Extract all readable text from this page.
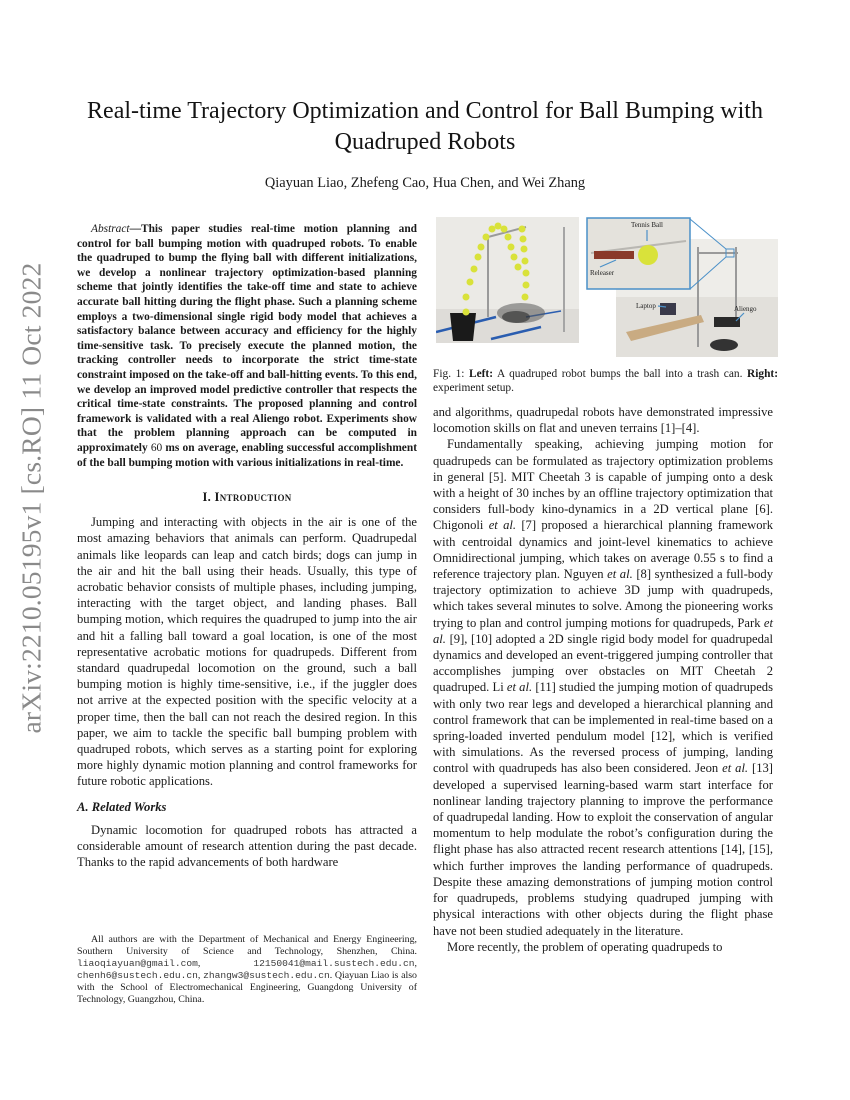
arXiv:2210.05195v1 [cs.RO] 11 Oct 2022
Real-time Trajectory Optimization and Control for Ball Bumping with
Quadruped Robots
Qiayuan Liao, Zhefeng Cao, Hua Chen, and Wei Zhang

Abstract—This paper studies real-time motion planning and control for ball bumping motion with quadruped robots. To enable the quadruped to bump the flying ball with different initializations, we develop a nonlinear trajectory optimization-based planning scheme that jointly identifies the take-off time and state to achieve accurate ball hitting during the flight phase. Such a planning scheme employs a two-dimensional single rigid body model that achieves a satisfactory balance between accuracy and efficiency for the highly time-sensitive task. To precisely execute the planned motion, the tracking controller needs to incorporate the strict time-state constraint imposed on the take-off and ball-hitting events. To this end, we develop an improved model predictive controller that respects the critical time-state constraints. The proposed planning and control framework is validated with a real Aliengo robot. Experiments show that the problem planning approach can be computed in approximately 60 ms on average, enabling successful accomplishment of the ball bumping motion with various initializations in real-time.

I. Introduction

Jumping and interacting with objects in the air is one of the most amazing behaviors that animals can perform. Quadrupedal animals like leopards can leap and catch birds; dogs can jump in the air and hit the ball using their heads. Usually, this type of acrobatic behavior consists of multiple phases, including jumping, interacting with the target object, and landing phases. Ball bumping motion, which requires the quadruped to jump into the air and hit a falling ball toward a goal location, is one of the most representative acrobatic motions for quadrupeds. Different from standard quadrupedal locomotion on the ground, such a ball bumping motion is highly time-sensitive, i.e., if the juggler does not arrive at the expected position with the specific velocity at a proper time, then the ball can not reach the desired region. In this paper, we aim to tackle the specific ball bumping problem with quadruped robots, which serves as a starting point for exploring more highly dynamic motion planning and control frameworks for future robotic applications.

A. Related Works

Dynamic locomotion for quadruped robots has attracted a considerable amount of research attention during the past decade. Thanks to the rapid advancements of both hardware

All authors are with the Department of Mechanical and Energy Engineering, Southern University of Science and Technology, Shenzhen, China. liaoqiayuan@gmail.com, 12150041@mail.sustech.edu.cn, chenh6@sustech.edu.cn, zhangw3@sustech.edu.cn. Qiayuan Liao is also with the School of Electromechanical Engineering, Guangdong University of Technology, Guangzhou, China.

Tennis Ball
Releaser
Laptop	Aliengo

Fig. 1: Left: A quadruped robot bumps the ball into a trash can. Right: experiment setup.

and algorithms, quadrupedal robots have demonstrated impressive locomotion skills on flat and uneven terrains [1]–[4].

Fundamentally speaking, achieving jumping motion for quadrupeds can be formulated as trajectory optimization problems in general [5]. MIT Cheetah 3 is capable of jumping onto a desk with a height of 30 inches by an offline trajectory optimization that considers full-body kino-dynamics in a 2D vertical plane [6]. Chigonoli et al. [7] proposed a hierarchical planning framework with centroidal dynamics and joint-level kinematics to achieve Omnidirectional jumping, which takes on average 0.55 s to find a reference trajectory plan. Nguyen et al. [8] synthesized a full-body trajectory optimization to achieve 3D jump with quadrupeds, which takes several minutes to solve. Among the pioneering works trying to plan and control jumping motions for quadrupeds, Park et al. [9], [10] adopted a 2D single rigid body model for quadrupedal dynamics and developed an event-triggered jumping controller that accomplishes jumping over obstacles on MIT Cheetah 2 quadruped. Li et al. [11] studied the jumping motion of quadrupeds with only two rear legs and developed a hierarchical planning and control framework that can be implemented in real-time based on a spring-loaded inverted pendulum model [12], which is verified with simulations. As the reversed process of jumping, landing control with quadrupeds has also been considered. Jeon et al. [13] developed a supervised learning-based warm start interface for nonlinear landing trajectory planning to improve the performance of quadrupedal landing. How to exploit the conservation of angular momentum to help modulate the robot’s configuration during the flight phase has also attracted recent research attentions [14], [15], which further improves the landing performance of quadrupeds. Despite these amazing demonstrations of jumping motion control for quadrupeds, problems studying quadruped jumping with physical interactions with other objects during the flight phase have not been studied adequately in the literature.

More recently, the problem of operating quadrupeds to
